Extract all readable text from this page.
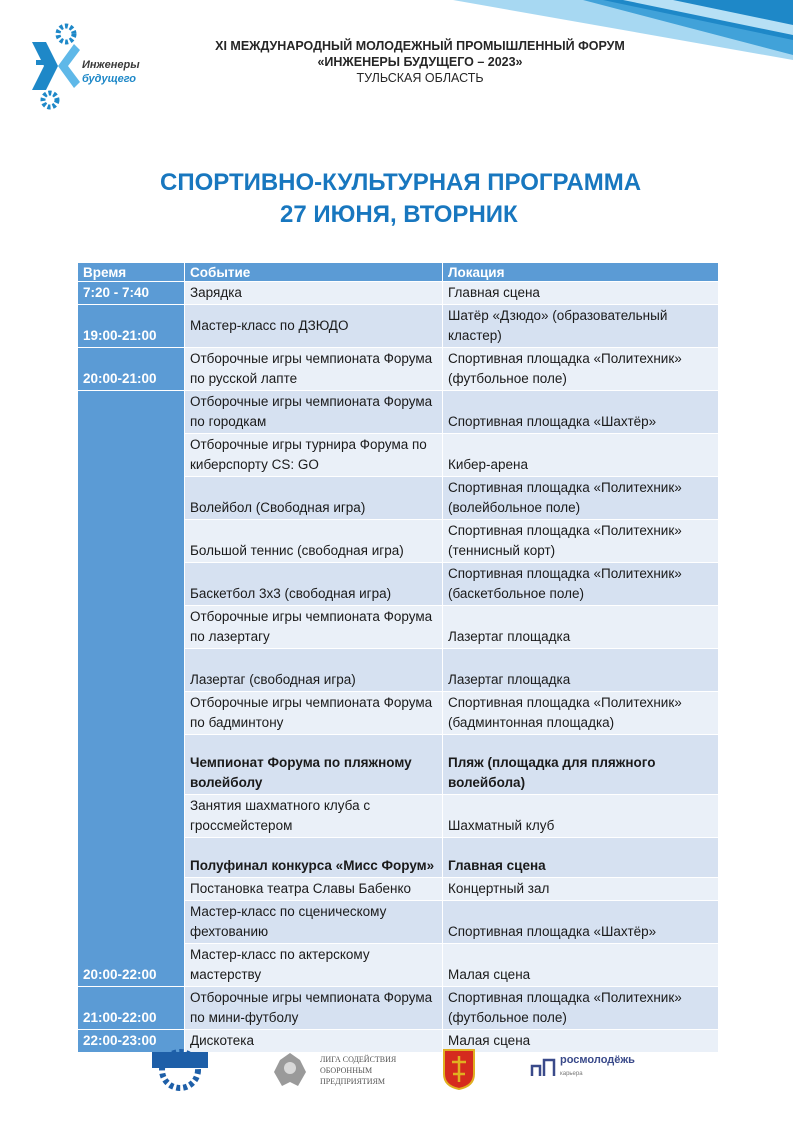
Инженеры
будущего
XI МЕЖДУНАРОДНЫЙ МОЛОДЕЖНЫЙ ПРОМЫШЛЕННЫЙ ФОРУМ
«ИНЖЕНЕРЫ БУДУЩЕГО – 2023»
ТУЛЬСКАЯ ОБЛАСТЬ
СПОРТИВНО-КУЛЬТУРНАЯ ПРОГРАММА
27 ИЮНЯ, ВТОРНИК
Время	Событие	Локация
7:20 - 7:40	Зарядка	Главная сцена
19:00-21:00	Мастер-класс по ДЗЮДО	Шатёр «Дзюдо» (образовательный кластер)
20:00-21:00	Отборочные игры чемпионата Форума по русской лапте	Спортивная площадка «Политехник» (футбольное поле)
20:00-22:00	Отборочные игры чемпионата Форума по городкам	Спортивная площадка «Шахтёр»
	Отборочные игры турнира Форума по киберспорту CS: GO	Кибер-арена
	Волейбол (Свободная игра)	Спортивная площадка «Политехник» (волейбольное поле)
	Большой теннис (свободная игра)	Спортивная площадка «Политехник» (теннисный корт)
	Баскетбол 3х3 (свободная игра)	Спортивная площадка «Политехник» (баскетбольное поле)
	Отборочные игры чемпионата Форума по лазертагу	Лазертаг площадка
	Лазертаг (свободная игра)	Лазертаг площадка
	Отборочные игры чемпионата Форума по бадминтону	Спортивная площадка «Политехник» (бадминтонная площадка)
	Чемпионат Форума по пляжному волейболу	Пляж (площадка для пляжного волейбола)
	Занятия шахматного клуба с гроссмейстером	Шахматный клуб
	Полуфинал конкурса «Мисс Форум»	Главная сцена
	Постановка театра Славы Бабенко	Концертный зал
	Мастер-класс по сценическому фехтованию	Спортивная площадка «Шахтёр»
	Мастер-класс по актерскому мастерству	Малая сцена
21:00-22:00	Отборочные игры чемпионата Форума по мини-футболу	Спортивная площадка «Политехник» (футбольное поле)
22:00-23:00	Дискотека	Малая сцена
ЛИГА СОДЕЙСТВИЯ ОБОРОННЫМ ПРЕДПРИЯТИЯМ
росмолодёжь
карьера
